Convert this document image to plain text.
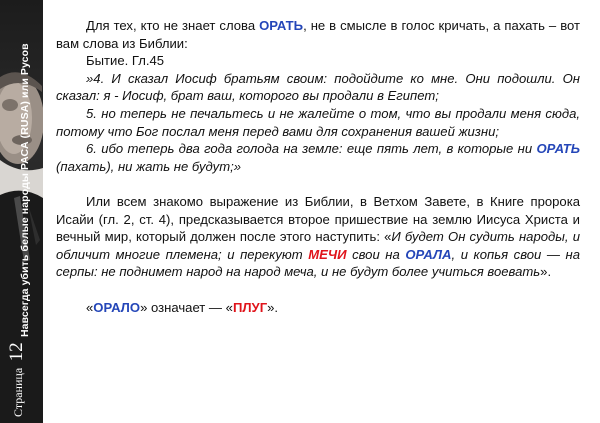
Навсегда убить белые народы РАСА (RUSA) или Русов
Страница 12

Для тех, кто не знает слова ОРАТЬ, не в смысле в голос кричать, а пахать – вот вам слова из Библии:

Бытие. Гл.45

»4. И сказал Иосиф братьям своим: подойдите ко мне. Они подошли. Он сказал: я - Иосиф, брат ваш, которого вы продали в Египет;

5. но теперь не печальтесь и не жалейте о том, что вы продали меня сюда, потому что Бог послал меня перед вами для сохранения вашей жизни;

6. ибо теперь два года голода на земле: еще пять лет, в которые ни ОРАТЬ (пахать), ни жать не будут;»

Или всем знакомо выражение из Библии, в Ветхом Завете, в Книге пророка Исайи (гл. 2, ст. 4), предсказывается второе пришествие на землю Иисуса Христа и вечный мир, который должен после этого наступить: «И будет Он судить народы, и обличит многие племена; и перекуют МЕЧИ свои на ОРАЛА, и копья свои — на серпы: не поднимет народ на народ меча, и не будут более учиться воевать».

«ОРАЛО» означает — «ПЛУГ».
